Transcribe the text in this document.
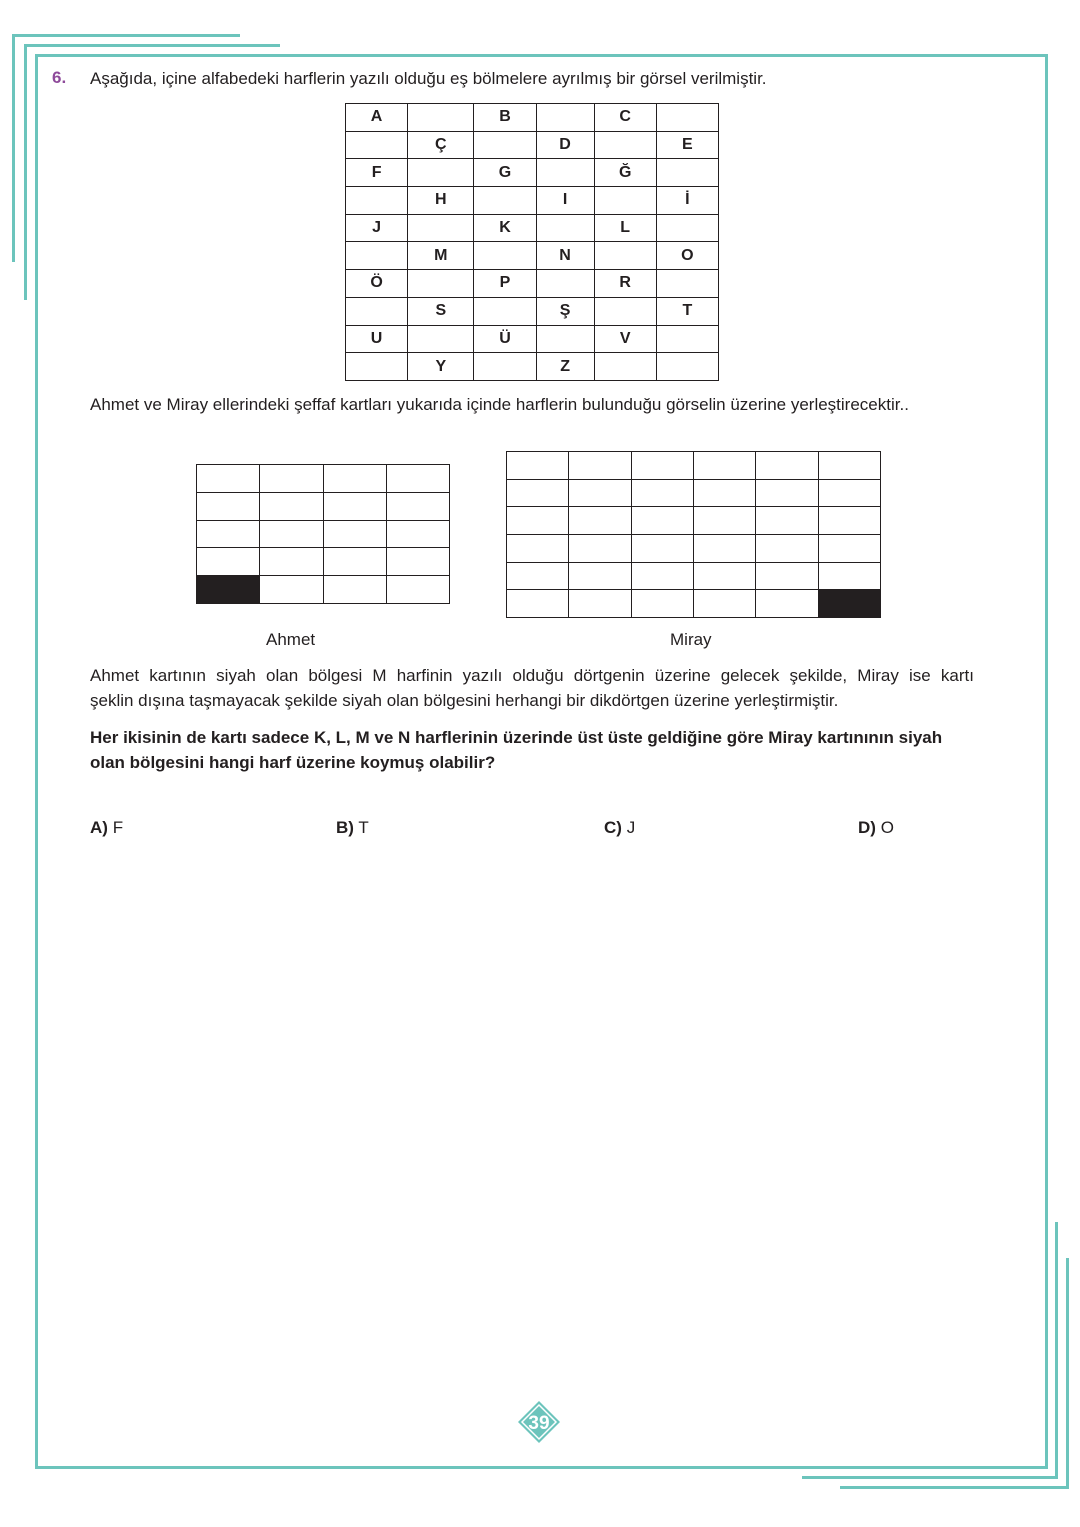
6. Aşağıda, içine alfabedeki harflerin yazılı olduğu eş bölmelere ayrılmış bir görsel verilmiştir.
A		B		C	
	Ç		D		E
F		G		Ğ	
	H		I		İ
J		K		L	
	M		N		O
Ö		P		R	
	S		Ş		T
U		Ü		V	
	Y		Z		
Ahmet ve Miray ellerindeki şeffaf kartları yukarıda içinde harflerin bulunduğu görselin üzerine yerleştirecektir..

Ahmet	Miray
Ahmet kartının siyah olan bölgesi M harfinin yazılı olduğu dörtgenin üzerine gelecek şekilde, Miray ise kartı
şeklin dışına taşmayacak şekilde siyah olan bölgesini herhangi bir dikdörtgen üzerine yerleştirmiştir.
Her ikisinin de kartı sadece K, L, M ve N harflerinin üzerinde üst üste geldiğine göre Miray kartınının siyah
olan bölgesini hangi harf üzerine koymuş olabilir?
A) F	B) T	C) J	D) O
39
